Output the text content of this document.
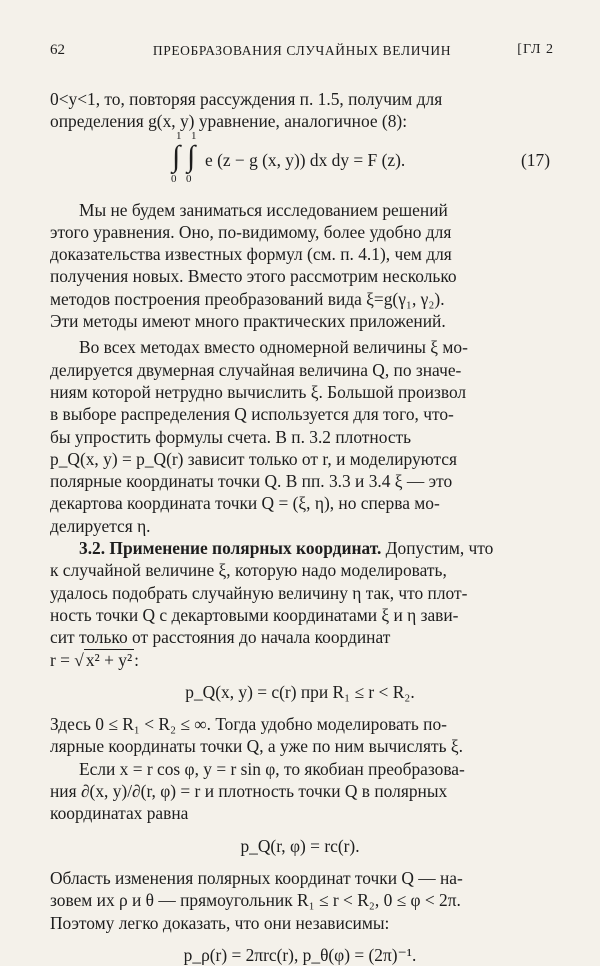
62	ПРЕОБРАЗОВАНИЯ СЛУЧАЙНЫХ ВЕЛИЧИН	[ГЛ 2

0<y<1, то, повторяя рассуждения п. 1.5, получим для

определения g(x, y) уравнение, аналогичное (8):

1
∫
0
1
∫
0
e (z − g (x, y)) dx dy = F (z).	(17)

Мы не будем заниматься исследованием решений

этого уравнения. Оно, по-видимому, более удобно для

доказательства известных формул (см. п. 4.1), чем для

получения новых. Вместо этого рассмотрим несколько

методов построения преобразований вида ξ=g(γ₁, γ₂).

Эти методы имеют много практических приложений.

Во всех методах вместо одномерной величины ξ мо-

делируется двумерная случайная величина Q, по значе-

ниям которой нетрудно вычислить ξ. Большой произвол

в выборе распределения Q используется для того, что-

бы упростить формулы счета. В п. 3.2 плотность

p_Q(x, y) = p_Q(r) зависит только от r, и моделируются

полярные координаты точки Q. В пп. 3.3 и 3.4 ξ — это

декартова координата точки Q = (ξ, η), но сперва мо-

делируется η.

3.2. Применение полярных координат. Допустим, что

к случайной величине ξ, которую надо моделировать,

удалось подобрать случайную величину η так, что плот-

ность точки Q с декартовыми координатами ξ и η зави-

сит только от расстояния до начала координат

r = √ x² + y² :

p_Q(x, y) = c(r) при R₁ ≤ r < R₂.

Здесь 0 ≤ R₁ < R₂ ≤ ∞. Тогда удобно моделировать по-

лярные координаты точки Q, а уже по ним вычислять ξ.

Если x = r cos φ, y = r sin φ, то якобиан преобразова-

ния ∂(x, y)/∂(r, φ) = r и плотность точки Q в полярных

координатах равна

p_Q(r, φ) = rc(r).

Область изменения полярных координат точки Q — на-

зовем их ρ и θ — прямоугольник R₁ ≤ r < R₂, 0 ≤ φ < 2π.

Поэтому легко доказать, что они независимы:

p_ρ(r) = 2πrc(r), p_θ(φ) = (2π)⁻¹.
